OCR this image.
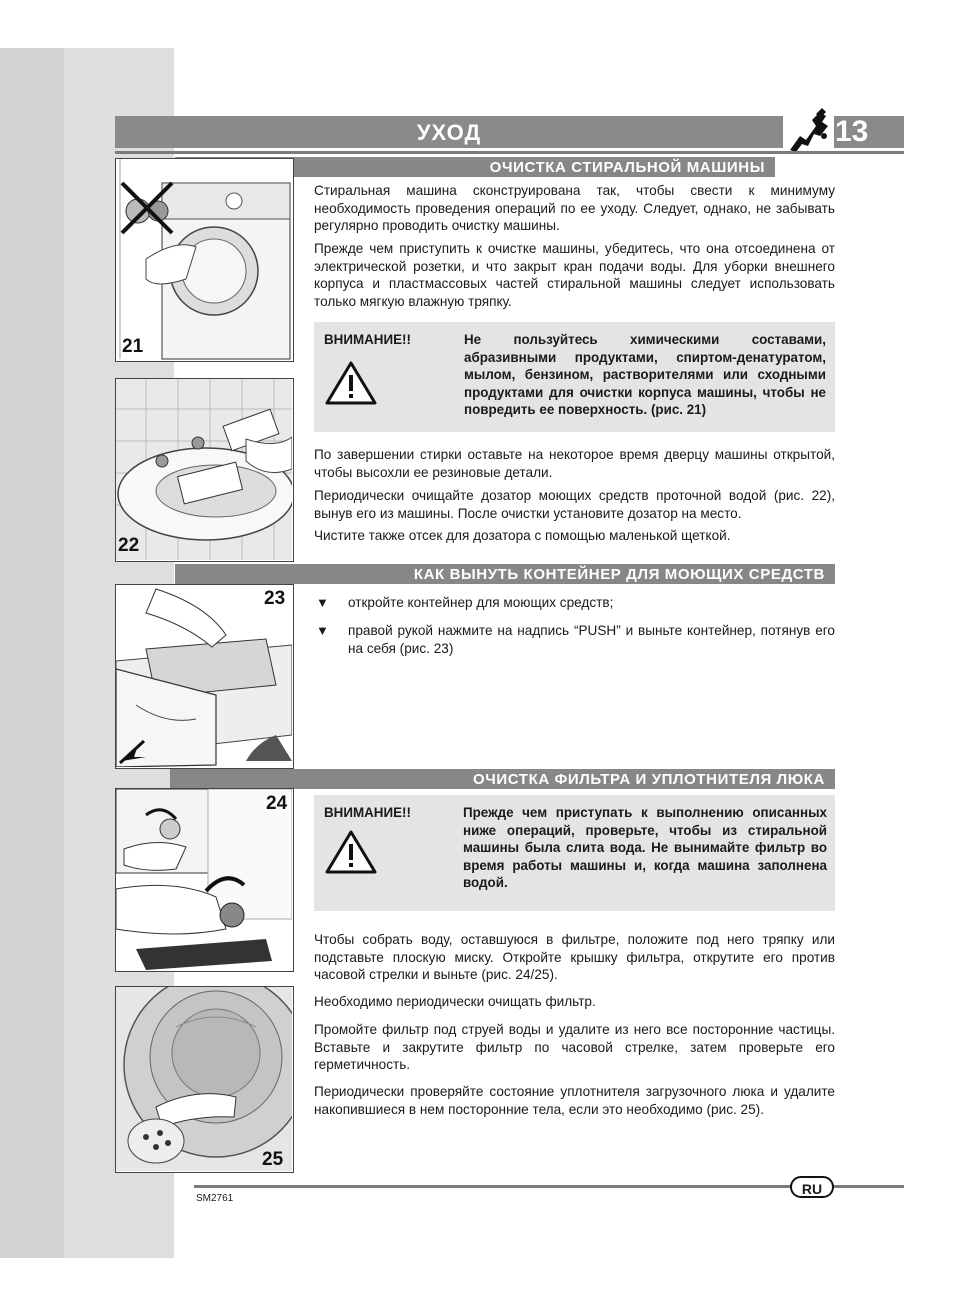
УХОД	13
ОЧИСТКА СТИРАЛЬНОЙ МАШИНЫ
21

Стиральная машина сконструирована так, чтобы свести к минимуму необходимость проведения операций по ее уходу. Следует, однако, не забывать регулярно проводить очистку машины.

Прежде чем приступить к очистке машины, убедитесь, что она отсоединена от электрической розетки, и что закрыт кран подачи воды. Для уборки внешнего корпуса и пластмассовых частей стиральной машины следует использовать только мягкую влажную тряпку.

ВНИМАНИЕ!!	Не пользуйтесь химическими составами, абразивными продуктами, спиртом-денатуратом, мылом, бензином, растворителями или сходными продуктами для очистки корпуса машины, чтобы не повредить ее поверхность. (рис. 21)

По завершении стирки оставьте на некоторое время дверцу машины открытой, чтобы высохли ее резиновые детали.

Периодически очищайте дозатор моющих средств проточной водой (рис. 22), вынув его из машины. После очистки установите дозатор на место.

Чистите также отсек для дозатора с помощью маленькой щеткой.

22
КАК ВЫНУТЬ КОНТЕЙНЕР ДЛЯ МОЮЩИХ СРЕДСТВ
23 ▼ откройте контейнер для моющих средств;

▼ правой рукой нажмите на надпись “PUSH” и выньте контейнер, потянув его на себя (рис. 23)

ОЧИСТКА ФИЛЬТРА И УПЛОТНИТЕЛЯ ЛЮКА
24	ВНИМАНИЕ!!	Прежде чем приступать к выполнению описанных ниже операций, проверьте, чтобы из стиральной машины была слита вода. Не вынимайте фильтр во время работы машины и, когда машина заполнена водой.

Чтобы собрать воду, оставшуюся в фильтре, положите под него тряпку или подставьте плоскую миску. Откройте крышку фильтра, открутите его против часовой стрелки и выньте (рис. 24/25).

Необходимо периодически очищать фильтр.

Промойте фильтр под струей воды и удалите из него все посторонние частицы. Вставьте и закрутите фильтр по часовой стрелке, затем проверьте его герметичность.

Периодически проверяйте состояние уплотнителя загрузочного люка и удалите накопившиеся в нем посторонние тела, если это необходимо (рис. 25).

25
RU
SM2761
